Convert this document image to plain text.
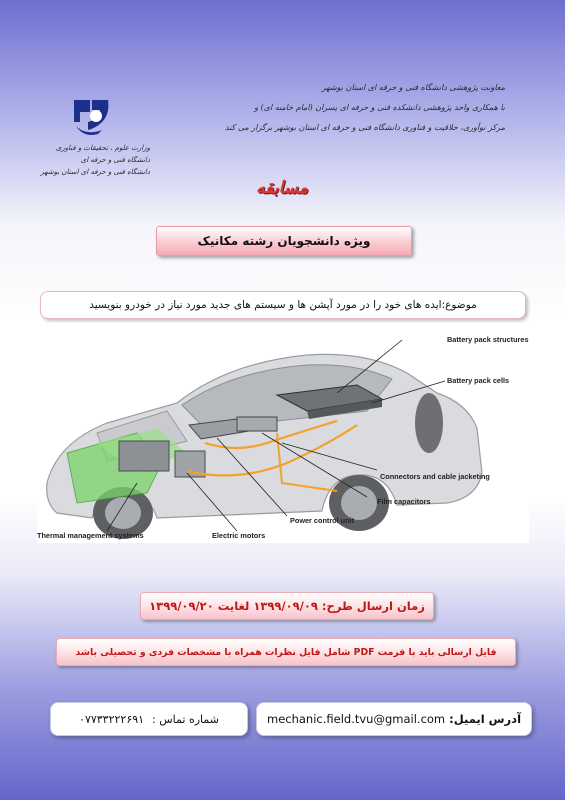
معاونت پژوهشی دانشگاه فنی و حرفه ای استان بوشهر
با همکاری واحد پژوهشی دانشکده فنی و حرفه ای پسران (امام خامنه ای) و
مرکز نوآوری، خلاقیت و فناوری دانشگاه فنی و حرفه ای استان بوشهر برگزار می کند
وزارت علوم ، تحقیقات و فناوری
دانشگاه فنی و حرفه ای
دانشگاه فنی و حرفه ای استان بوشهر
مسابقه
ویژه دانشجویان رشته مکانیک
موضوع:ایده های خود را در مورد آپشن ها و سیستم های جدید مورد نیاز در خودرو بنویسید
Battery pack structures
Battery pack cells
Connectors and cable jacketing
Film capacitors
Power control unit
Thermal management systems	Electric motors
زمان ارسال طرح: ۱۳۹۹/۰۹/۰۹ لغایت ۱۳۹۹/۰۹/۲۰
فایل ارسالی باید با فرمت PDF شامل فایل نظرات همراه با مشخصات فردی و تحصیلی باشد
شماره تماس :
۰۷۷۳۳۲۲۲۶۹۱	آدرس ایمیل:
mechanic.field.tvu@gmail.com
